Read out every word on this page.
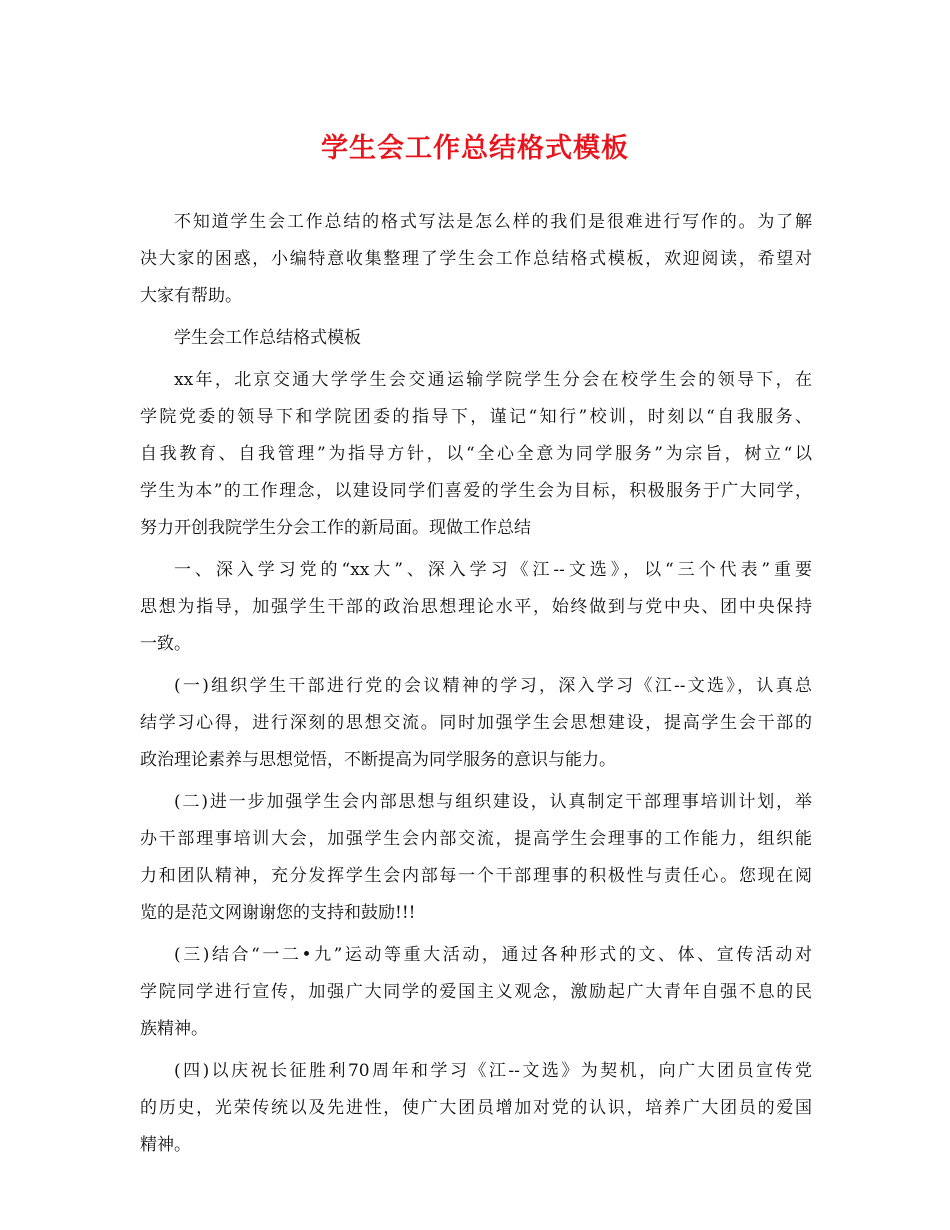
学生会工作总结格式模板
不知道学生会工作总结的格式写法是怎么样的我们是很难进行写作的。为了解
决大家的困惑，小编特意收集整理了学生会工作总结格式模板，欢迎阅读，希望对
大家有帮助。
学生会工作总结格式模板
xx年，北京交通大学学生会交通运输学院学生分会在校学生会的领导下，在
学院党委的领导下和学院团委的指导下，谨记“知行”校训，时刻以“自我服务、
自我教育、自我管理”为指导方针，以“全心全意为同学服务”为宗旨，树立“以
学生为本”的工作理念，以建设同学们喜爱的学生会为目标，积极服务于广大同学，
努力开创我院学生分会工作的新局面。现做工作总结
一、深入学习党的“xx大”、深入学习《江--文选》，以“三个代表”重要
思想为指导，加强学生干部的政治思想理论水平，始终做到与党中央、团中央保持
一致。
(一)组织学生干部进行党的会议精神的学习，深入学习《江--文选》，认真总
结学习心得，进行深刻的思想交流。同时加强学生会思想建设，提高学生会干部的
政治理论素养与思想觉悟，不断提高为同学服务的意识与能力。
(二)进一步加强学生会内部思想与组织建设，认真制定干部理事培训计划，举
办干部理事培训大会，加强学生会内部交流，提高学生会理事的工作能力，组织能
力和团队精神，充分发挥学生会内部每一个干部理事的积极性与责任心。您现在阅
览的是范文网谢谢您的支持和鼓励!!!
(三)结合“一二•九”运动等重大活动，通过各种形式的文、体、宣传活动对
学院同学进行宣传，加强广大同学的爱国主义观念，激励起广大青年自强不息的民
族精神。
(四)以庆祝长征胜利70周年和学习《江--文选》为契机，向广大团员宣传党
的历史，光荣传统以及先进性，使广大团员增加对党的认识，培养广大团员的爱国
精神。
